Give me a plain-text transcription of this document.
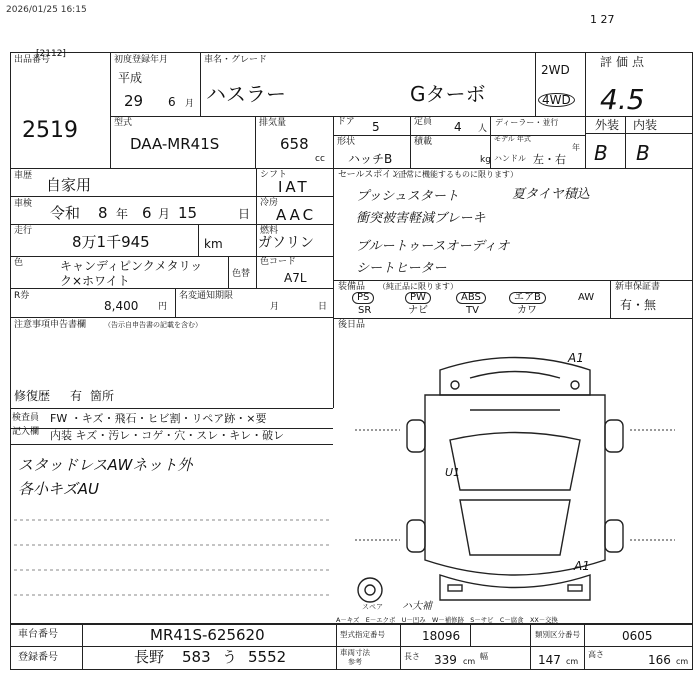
2026/01/25 16:15
1 27
出品番号
[2112]
2519
初度登録年月
平成
29 6 月
車名・グレード
ハスラー	Gターボ
2WD
4WD
評価点
4.5
型式
DAA-MR41S
排気量
658
cc
ドア 5	定員 4 人
ディーラー・並行
モデル 年式
年
形状
ハッチB
積載
kg ハンドル 左・右
外装 内装
B B
車歴 自家用
シフト
IAT
車検 令和 8 年 6 月 15	日
冷房
AAC
走行
8万1千945	km
燃料
ガソリン
色	キャンディピンクメタリッ
ク×ホワイト	色替
色コード
A7L
R券
8,400 円
名変通知期限
月	日
注意事項申告書欄	（告示自申告書の記載を含む）
修復歴 有 箇所
セールスポイント
（正常に機能するものに限ります）
プッシュスタート	夏タイヤ積込
衝突被害軽減ブレーキ
ブルートゥースオーディオ
シートヒーター
装備品 （純正品に限ります）	新車保証書
有・無
PS	PW	ABS	エアB	AW
SR	ナビ	TV	カワ
後日品
検査員
記入欄
FW ・キズ・飛石・ヒビ割・リペア跡・×要
内装 キズ・汚レ・コゲ・穴・スレ・キレ・破レ
スタッドレスAWネット外
各小キズAU
スペア
A1
U1
A1
ハ大補
A－キズ　E－エクボ　U－凹み　W－補修跡　S－サビ　C－腐食　XX－交換
車台番号	MR41S-625620
登録番号	長野 583 う 5552
型式指定番号	18096	類別区分番号	0605
車両寸法
参考
長さ 339 cm
幅	147 cm
高さ	166 cm
